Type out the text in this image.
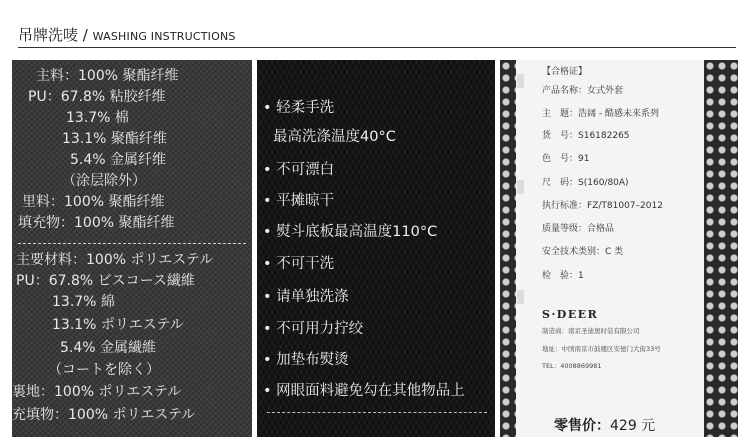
吊牌洗唛 / WASHING INSTRUCTIONS
主料：100% 聚酯纤维
PU：67.8% 粘胶纤维
13.7% 棉
13.1% 聚酯纤维
5.4% 金属纤维
（涂层除外）
里料：100% 聚酯纤维
填充物：100% 聚酯纤维
主要材料：100% ポリエステル
PU：67.8% ビスコース繊維
13.7% 綿
13.1% ポリエステル
5.4% 金属繊維
（コートを除く）
裏地：100% ポリエステル
充填物：100% ポリエステル
• 轻柔手洗
最高洗涤温度40°C
• 不可漂白
• 平摊晾干
• 熨斗底板最高温度110°C
• 不可干洗
• 请单独洗涤
• 不可用力拧绞
• 加垫布熨烫
• 网眼面料避免勾在其他物品上
【合格证】
产品名称：女式外套
主　题：浩阔 - 酷感未来系列
货　号：S16182265
色　号：91
尺　码：S(160/80A)
执行标准：FZ/T81007–2012
质量等级：合格品
安全技术类别：C 类
检　验：1
S·DEER
制造商：南京圣迪奥时装有限公司
地址：中国南京市鼓楼区安德门大街33号
TEL：4008869981
零售价：429 元
